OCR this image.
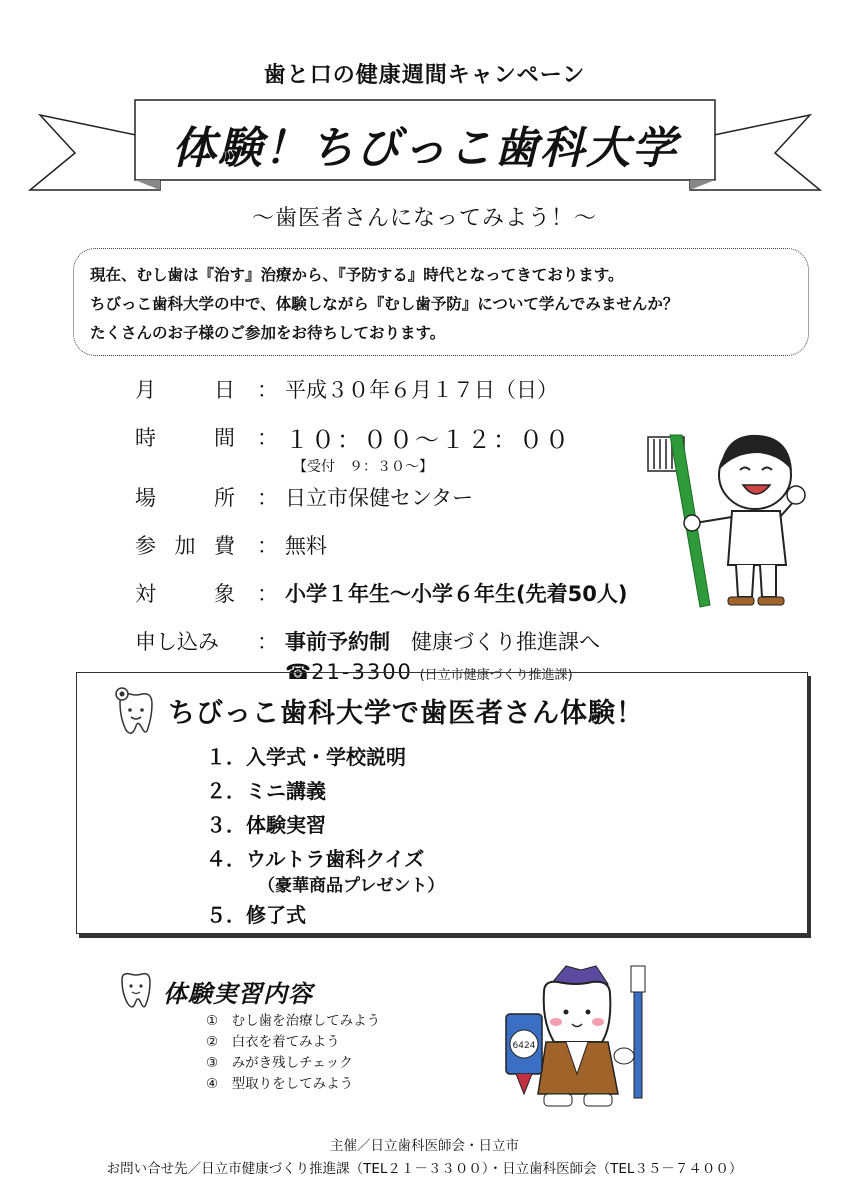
歯と口の健康週間キャンペーン
体験！ちびっこ歯科大学
～歯医者さんになってみよう！～
現在、むし歯は『治す』治療から、『予防する』時代となってきております。
ちびっこ歯科大学の中で、体験しながら『むし歯予防』について学んでみませんか？
たくさんのお子様のご参加をお待ちしております。
月	日 ： 平成３０年６月１７日（日）
時	間 ： １０：００～１２：００
【受付　９：３０～】
場	所 ： 日立市保健センター
参 加 費 ： 無料
対	象 ： 小学１年生～小学６年生(先着50人)
申し込み	： 事前予約制　健康づくり推進課へ
☎21-3300 (日立市健康づくり推進課)
ちびっこ歯科大学で歯医者さん体験！
１．入学式・学校説明
２．ミニ講義
３．体験実習
４．ウルトラ歯科クイズ
（豪華商品プレゼント）
５．修了式
体験実習内容
①　むし歯を治療してみよう
②　白衣を着てみよう
③　みがき残しチェック
④　型取りをしてみよう
6424
主催／日立歯科医師会・日立市
お問い合せ先／日立市健康づくり推進課（TEL２１－３３００）・日立歯科医師会（TEL３５－７４００）
